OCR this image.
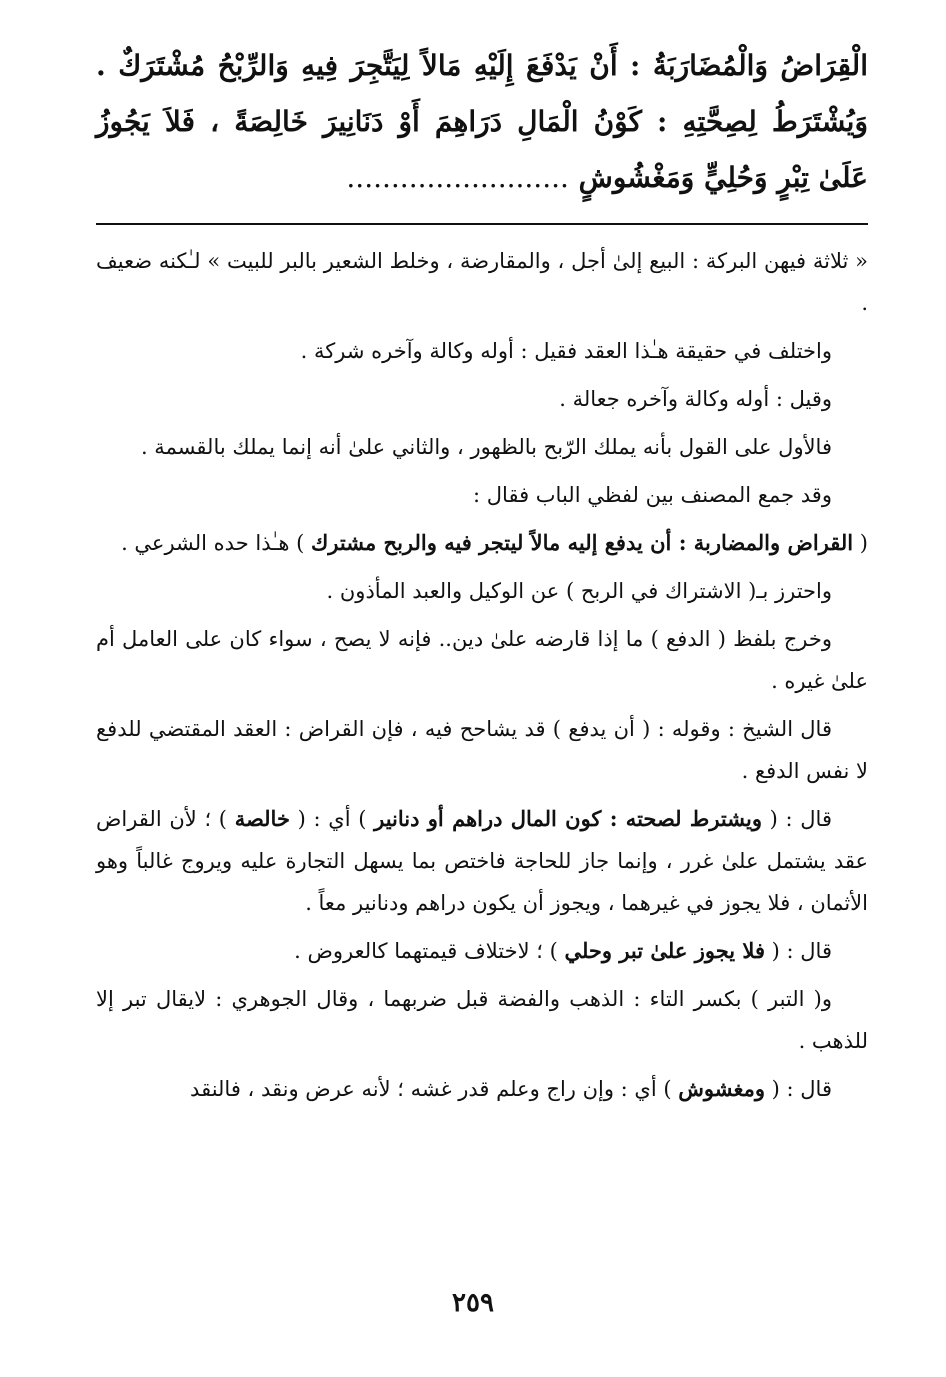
الْقِرَاضُ وَالْمُضَارَبَةُ : أَنْ يَدْفَعَ إِلَيْهِ مَالاً لِيَتَّجِرَ فِيهِ وَالرِّبْحُ مُشْتَرَكٌ . وَيُشْتَرَطُ لِصِحَّتِهِ : كَوْنُ الْمَالِ دَرَاهِمَ أَوْ دَنَانِيرَ خَالِصَةً ، فَلاَ يَجُوزُ عَلَىٰ تِبْرٍ وَحُلِيٍّ وَمَغْشُوشٍ .........................

« ثلاثة فيهن البركة : البيع إلىٰ أجل ، والمقارضة ، وخلط الشعير بالبر للبيت » لـٰكنه ضعيف .

واختلف في حقيقة هـٰذا العقد فقيل : أوله وكالة وآخره شركة .

وقيل : أوله وكالة وآخره جعالة .

فالأول على القول بأنه يملك الرّبح بالظهور ، والثاني علىٰ أنه إنما يملك بالقسمة .

وقد جمع المصنف بين لفظي الباب فقال :

( القراض والمضاربة : أن يدفع إليه مالاً ليتجر فيه والربح مشترك ) هـٰذا حده الشرعي .

واحترز بـ( الاشتراك في الربح ) عن الوكيل والعبد المأذون .

وخرج بلفظ ( الدفع ) ما إذا قارضه علىٰ دين.. فإنه لا يصح ، سواء كان على العامل أم علىٰ غيره .

قال الشيخ : وقوله : ( أن يدفع ) قد يشاحح فيه ، فإن القراض : العقد المقتضي للدفع لا نفس الدفع .

قال : ( ويشترط لصحته : كون المال دراهم أو دنانير ) أي : ( خالصة ) ؛ لأن القراض عقد يشتمل علىٰ غرر ، وإنما جاز للحاجة فاختص بما يسهل التجارة عليه ويروج غالباً وهو الأثمان ، فلا يجوز في غيرهما ، ويجوز أن يكون دراهم ودنانير معاً .

قال : ( فلا يجوز علىٰ تبر وحلي ) ؛ لاختلاف قيمتهما كالعروض .

و( التبر ) بكسر التاء : الذهب والفضة قبل ضربهما ، وقال الجوهري : لايقال تبر إلا للذهب .

قال : ( ومغشوش ) أي : وإن راج وعلم قدر غشه ؛ لأنه عرض ونقد ، فالنقد

٢٥٩
